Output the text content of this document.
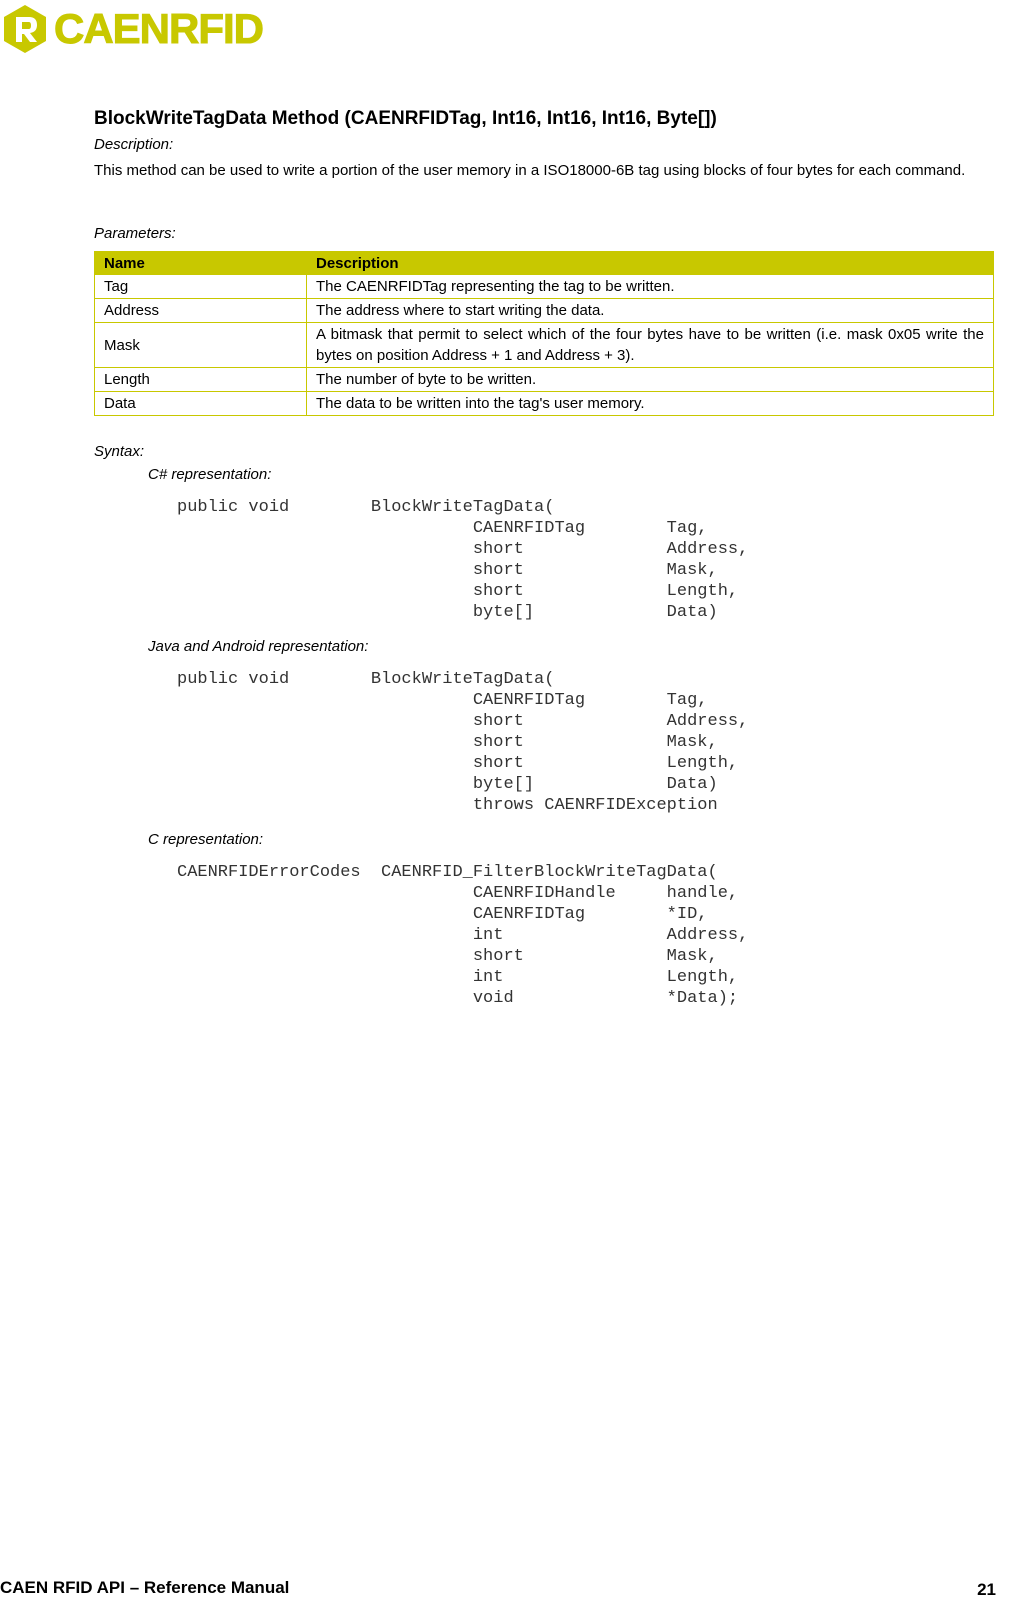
CAENRFID
BlockWriteTagData Method (CAENRFIDTag, Int16, Int16, Int16, Byte[])
Description:

This method can be used to write a portion of the user memory in a ISO18000-6B tag using blocks of four bytes for each command.

Parameters:
Name	Description
Tag	The CAENRFIDTag representing the tag to be written.
Address	The address where to start writing the data.
Mask	A bitmask that permit to select which of the four bytes have to be written (i.e. mask 0x05 write the bytes on position Address + 1 and Address + 3).
Length	The number of byte to be written.
Data	The data to be written into the tag's user memory.
Syntax:
C# representation:
public void        BlockWriteTagData(
CAENRFIDTag        Tag,
short              Address,
short              Mask,
short              Length,
byte[]             Data)
Java and Android representation:
public void        BlockWriteTagData(
CAENRFIDTag        Tag,
short              Address,
short              Mask,
short              Length,
byte[]             Data)
throws CAENRFIDException
C representation:
CAENRFIDErrorCodes  CAENRFID_FilterBlockWriteTagData(
CAENRFIDHandle     handle,
CAENRFIDTag        *ID,
int                Address,
short              Mask,
int                Length,
void               *Data);
CAEN RFID API – Reference Manual	21
